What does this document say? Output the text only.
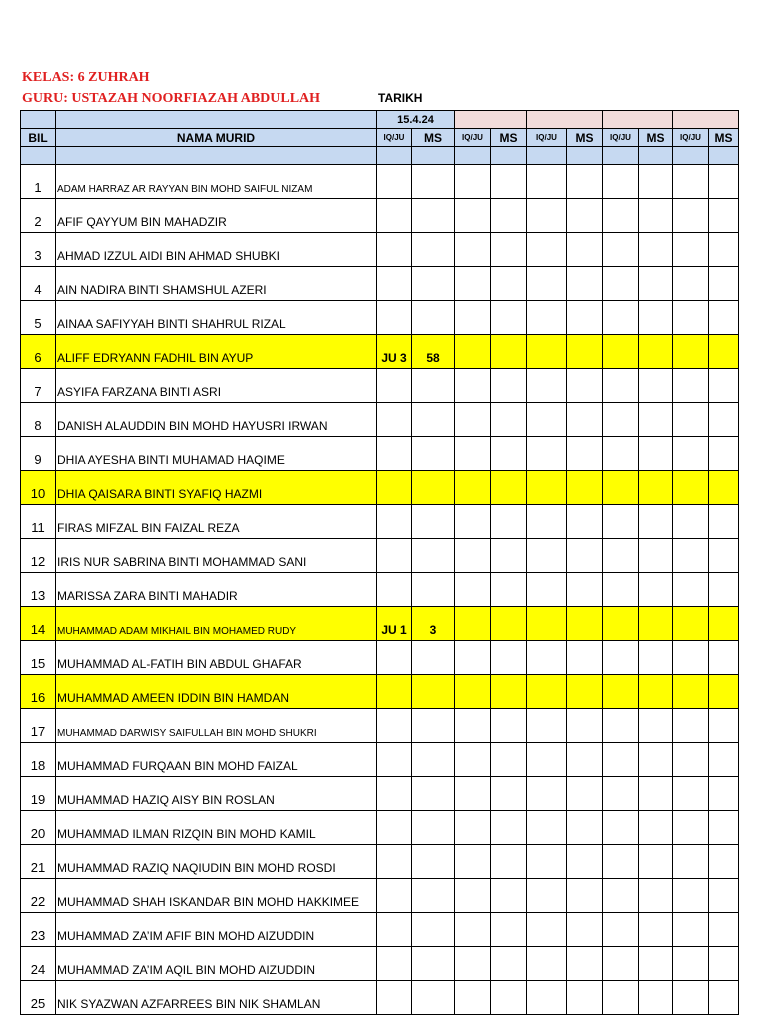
KELAS: 6 ZUHRAH
GURU: USTAZAH NOORFIAZAH ABDULLAH	TARIKH
		15.4.24									
BIL	NAMA MURID	IQ/JU	MS	IQ/JU	MS	IQ/JU	MS	IQ/JU	MS	IQ/JU	MS

1	ADAM HARRAZ AR RAYYAN BIN MOHD SAIFUL NIZAM										
2	AFIF QAYYUM BIN MAHADZIR										
3	AHMAD IZZUL AIDI BIN AHMAD SHUBKI										
4	AIN NADIRA BINTI SHAMSHUL AZERI										
5	AINAA SAFIYYAH BINTI SHAHRUL RIZAL										
6	ALIFF EDRYANN FADHIL BIN AYUP	JU 3	58								
7	ASYIFA FARZANA BINTI ASRI										
8	DANISH ALAUDDIN BIN MOHD HAYUSRI IRWAN										
9	DHIA AYESHA BINTI MUHAMAD HAQIME										
10	DHIA QAISARA BINTI SYAFIQ HAZMI										
11	FIRAS MIFZAL BIN FAIZAL REZA										
12	IRIS NUR SABRINA BINTI MOHAMMAD SANI										
13	MARISSA ZARA BINTI MAHADIR										
14	MUHAMMAD ADAM MIKHAIL BIN MOHAMED RUDY	JU 1	3								
15	MUHAMMAD AL-FATIH BIN ABDUL GHAFAR										
16	MUHAMMAD AMEEN IDDIN BIN HAMDAN										
17	MUHAMMAD DARWISY SAIFULLAH BIN MOHD SHUKRI										
18	MUHAMMAD FURQAAN BIN MOHD FAIZAL										
19	MUHAMMAD HAZIQ AISY BIN ROSLAN										
20	MUHAMMAD ILMAN RIZQIN BIN MOHD KAMIL										
21	MUHAMMAD RAZIQ NAQIUDIN BIN MOHD ROSDI										
22	MUHAMMAD SHAH ISKANDAR BIN MOHD HAKKIMEE										
23	MUHAMMAD ZA’IM AFIF BIN MOHD AIZUDDIN										
24	MUHAMMAD ZA’IM AQIL BIN MOHD AIZUDDIN										
25	NIK SYAZWAN AZFARREES BIN NIK SHAMLAN										
